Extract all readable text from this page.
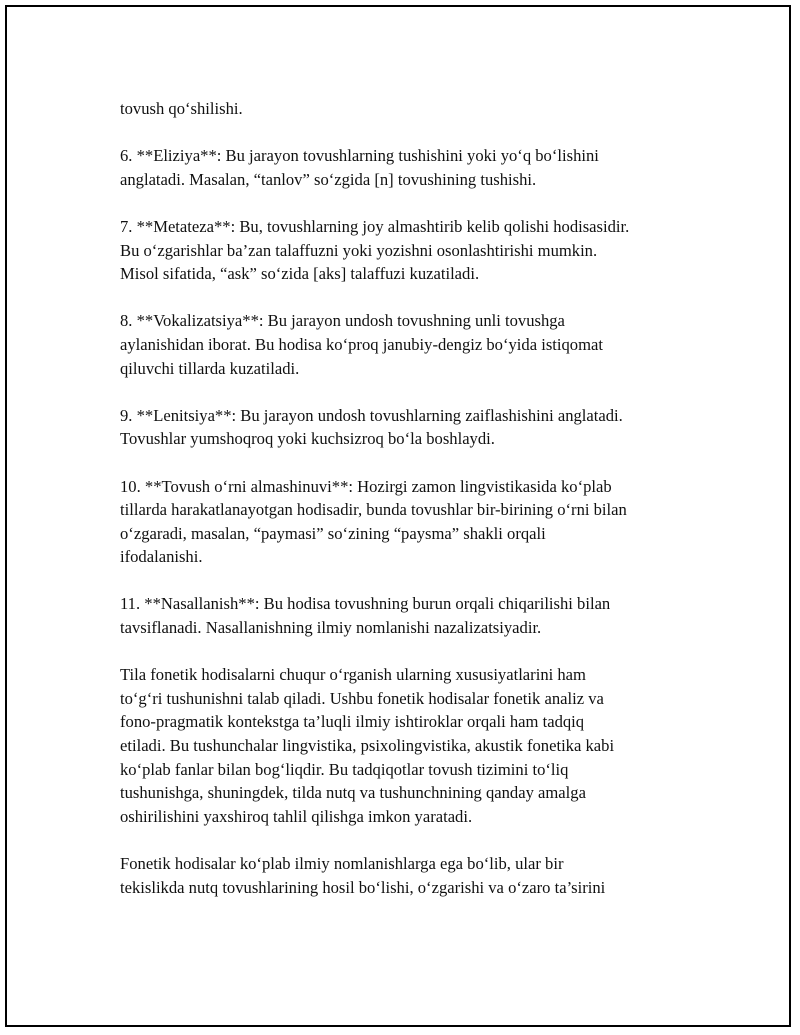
tovush qo‘shilishi.

6. **Eliziya**: Bu jarayon tovushlarning tushishini yoki yo‘q bo‘lishini
anglatadi. Masalan, “tanlov” so‘zgida [n] tovushining tushishi.

7. **Metateza**: Bu, tovushlarning joy almashtirib kelib qolishi hodisasidir.
Bu o‘zgarishlar ba’zan talaffuzni yoki yozishni osonlashtirishi mumkin.
Misol sifatida, “ask” so‘zida [aks] talaffuzi kuzatiladi.

8. **Vokalizatsiya**: Bu jarayon undosh tovushning unli tovushga
aylanishidan iborat. Bu hodisa ko‘proq janubiy-dengiz bo‘yida istiqomat
qiluvchi tillarda kuzatiladi.

9. **Lenitsiya**: Bu jarayon undosh tovushlarning zaiflashishini anglatadi.
Tovushlar yumshoqroq yoki kuchsizroq bo‘la boshlaydi.

10. **Tovush o‘rni almashinuvi**: Hozirgi zamon lingvistikasida ko‘plab
tillarda harakatlanayotgan hodisadir, bunda tovushlar bir-birining o‘rni bilan
o‘zgaradi, masalan, “paymasi” so‘zining “paysma” shakli orqali
ifodalanishi.

11. **Nasallanish**: Bu hodisa tovushning burun orqali chiqarilishi bilan
tavsiflanadi. Nasallanishning ilmiy nomlanishi nazalizatsiyadir.

Tila fonetik hodisalarni chuqur o‘rganish ularning xususiyatlarini ham
to‘g‘ri tushunishni talab qiladi. Ushbu fonetik hodisalar fonetik analiz va
fono-pragmatik kontekstga ta’luqli ilmiy ishtiroklar orqali ham tadqiq
etiladi. Bu tushunchalar lingvistika, psixolingvistika, akustik fonetika kabi
ko‘plab fanlar bilan bog‘liqdir. Bu tadqiqotlar tovush tizimini to‘liq
tushunishga, shuningdek, tilda nutq va tushunchnining qanday amalga
oshirilishini yaxshiroq tahlil qilishga imkon yaratadi.

Fonetik hodisalar ko‘plab ilmiy nomlanishlarga ega bo‘lib, ular bir
tekislikda nutq tovushlarining hosil bo‘lishi, o‘zgarishi va o‘zaro ta’sirini
